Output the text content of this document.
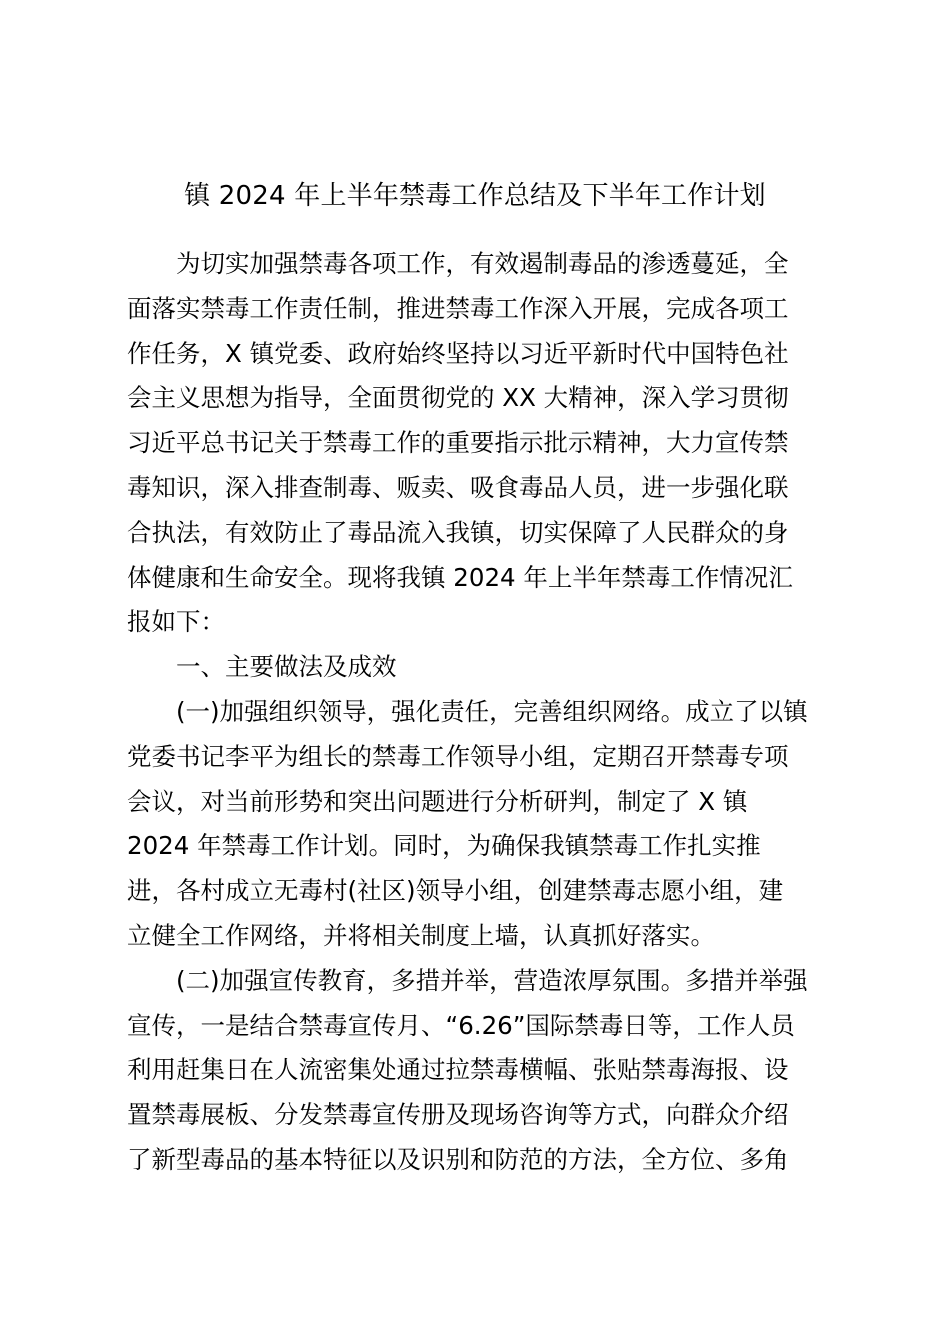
镇 2024 年上半年禁毒工作总结及下半年工作计划
为切实加强禁毒各项工作，有效遏制毒品的渗透蔓延，全
面落实禁毒工作责任制，推进禁毒工作深入开展，完成各项工
作任务，X 镇党委、政府始终坚持以习近平新时代中国特色社
会主义思想为指导，全面贯彻党的 XX 大精神，深入学习贯彻
习近平总书记关于禁毒工作的重要指示批示精神，大力宣传禁
毒知识，深入排查制毒、贩卖、吸食毒品人员，进一步强化联
合执法，有效防止了毒品流入我镇，切实保障了人民群众的身
体健康和生命安全。现将我镇 2024 年上半年禁毒工作情况汇
报如下：
一、主要做法及成效
(一)加强组织领导，强化责任，完善组织网络。成立了以镇
党委书记李平为组长的禁毒工作领导小组，定期召开禁毒专项
会议，对当前形势和突出问题进行分析研判，制定了 X 镇
2024 年禁毒工作计划。同时，为确保我镇禁毒工作扎实推
进，各村成立无毒村(社区)领导小组，创建禁毒志愿小组，建
立健全工作网络，并将相关制度上墙，认真抓好落实。
(二)加强宣传教育，多措并举，营造浓厚氛围。多措并举强
宣传，一是结合禁毒宣传月、“6.26”国际禁毒日等，工作人员
利用赶集日在人流密集处通过拉禁毒横幅、张贴禁毒海报、设
置禁毒展板、分发禁毒宣传册及现场咨询等方式，向群众介绍
了新型毒品的基本特征以及识别和防范的方法，全方位、多角
